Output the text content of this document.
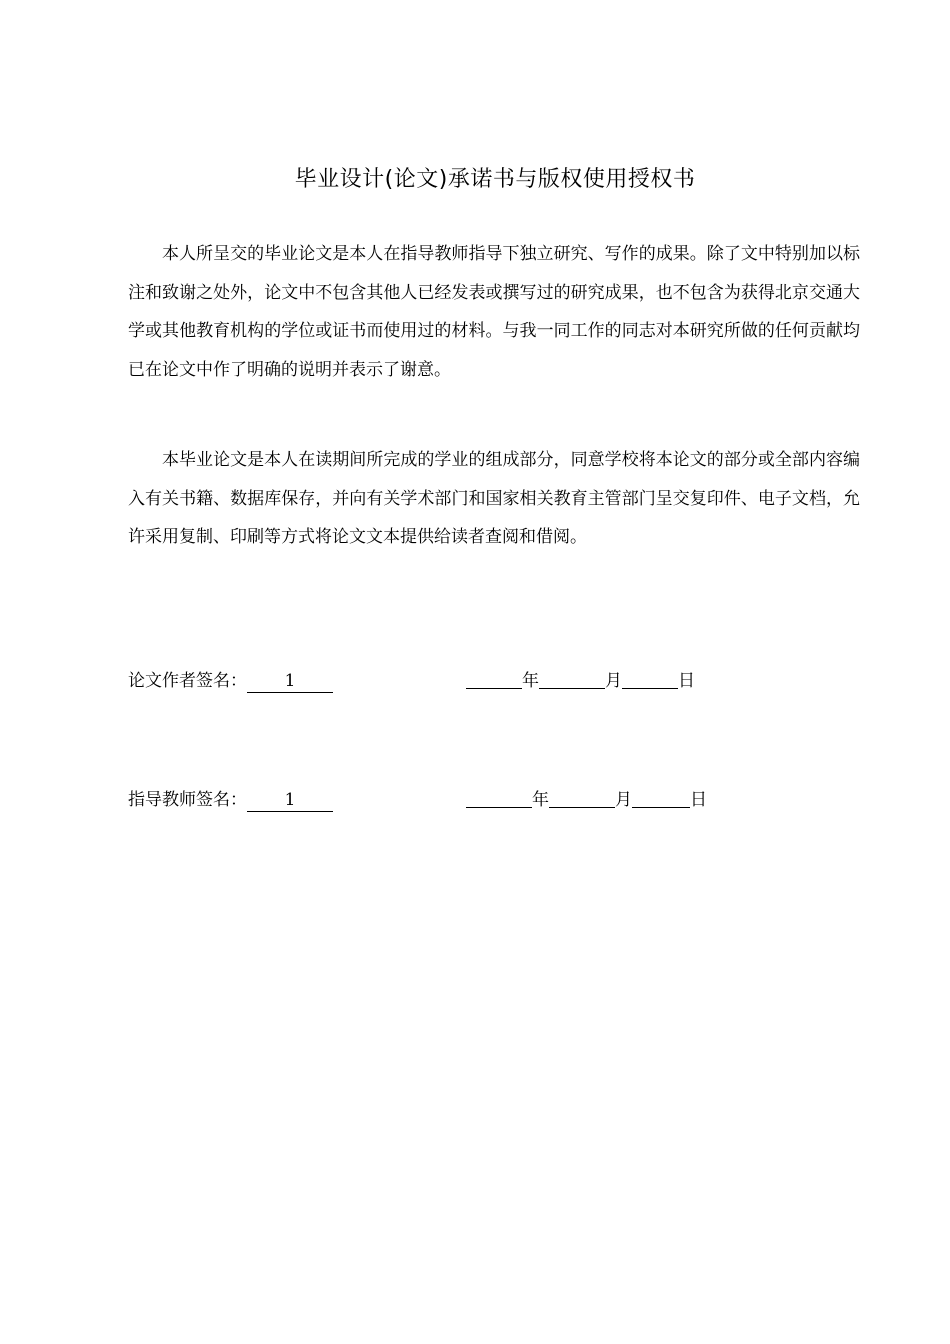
毕业设计(论文)承诺书与版权使用授权书

本人所呈交的毕业论文是本人在指导教师指导下独立研究、写作的成果。除了文中特别加以标注和致谢之处外，论文中不包含其他人已经发表或撰写过的研究成果，也不包含为获得北京交通大学或其他教育机构的学位或证书而使用过的材料。与我一同工作的同志对本研究所做的任何贡献均已在论文中作了明确的说明并表示了谢意。

本毕业论文是本人在读期间所完成的学业的组成部分，同意学校将本论文的部分或全部内容编入有关书籍、数据库保存，并向有关学术部门和国家相关教育主管部门呈交复印件、电子文档，允许采用复制、印刷等方式将论文文本提供给读者查阅和借阅。

论文作者签名： 1	年	月	日
指导教师签名： 1	年	月	日
